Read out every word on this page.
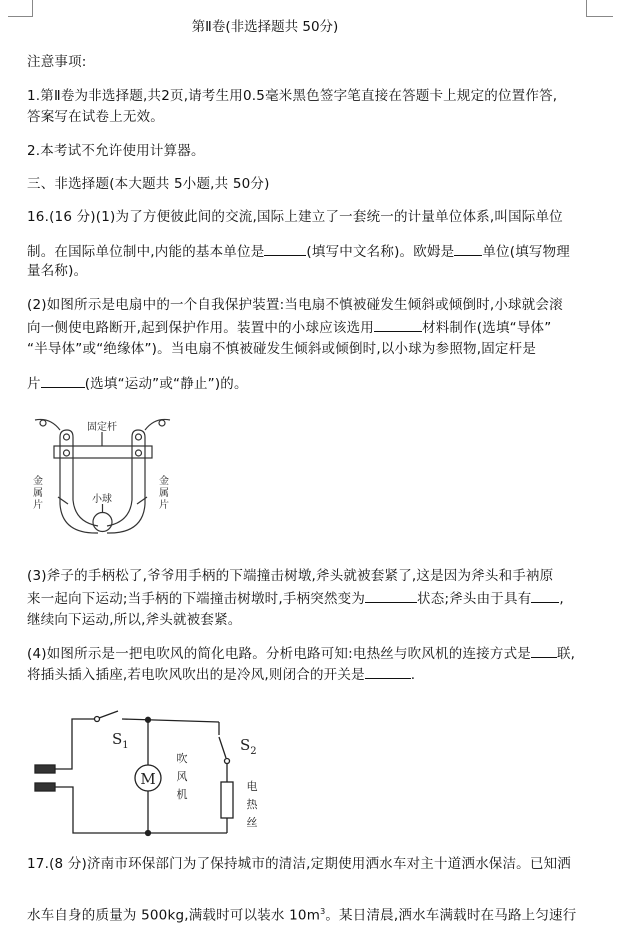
第Ⅱ卷(非选择题共 50分)
注意事项:
1.第Ⅱ卷为非选择题,共2页,请考生用0.5毫米黑色签字笔直接在答题卡上规定的位置作答,
答案写在试卷上无效。
2.本考试不允许使用计算器。
三、非选择题(本大题共 5小题,共 50分)
16.(16 分)(1)为了方便彼此间的交流,国际上建立了一套统一的计量单位体系,叫国际单位
制。在国际单位制中,内能的基本单位是	(填写中文名称)。欧姆是 单位(填写物理
量名称)。
(2)如图所示是电扇中的一个自我保护装置:当电扇不慎被碰发生倾斜或倾倒时,小球就会滚
向一侧使电路断开,起到保护作用。装置中的小球应该选用	材料制作(选填“导体”
“半导体”或“绝缘体”)。当电扇不慎被碰发生倾斜或倾倒时,以小球为参照物,固定杆是
片	(选填“运动”或“静止”)的。
固定杆
小球
金
属
片
金
属
片
(3)斧子的手柄松了,爷爷用手柄的下端撞击树墩,斧头就被套紧了,这是因为斧头和手衲原
来一起向下运动;当手柄的下端撞击树墩时,手柄突然变为	状态;斧头由于具有 ,
继续向下运动,所以,斧头就被套紧。
(4)如图所示是一把电吹风的简化电路。分析电路可知:电热丝与吹风机的连接方式是 联,
将插头插入插座,若电吹风吹出的是冷风,则闭合的开关是	.
$S_1$	$S_2$
M
吹
风
机
电
热
丝
17.(8 分)济南市环保部门为了保持城市的清洁,定期使用洒水车对主十道洒水保洁。已知洒
水车自身的质量为 500kg,满载时可以装水 $10m^3$。某日清晨,洒水车满载时在马路上匀速行
